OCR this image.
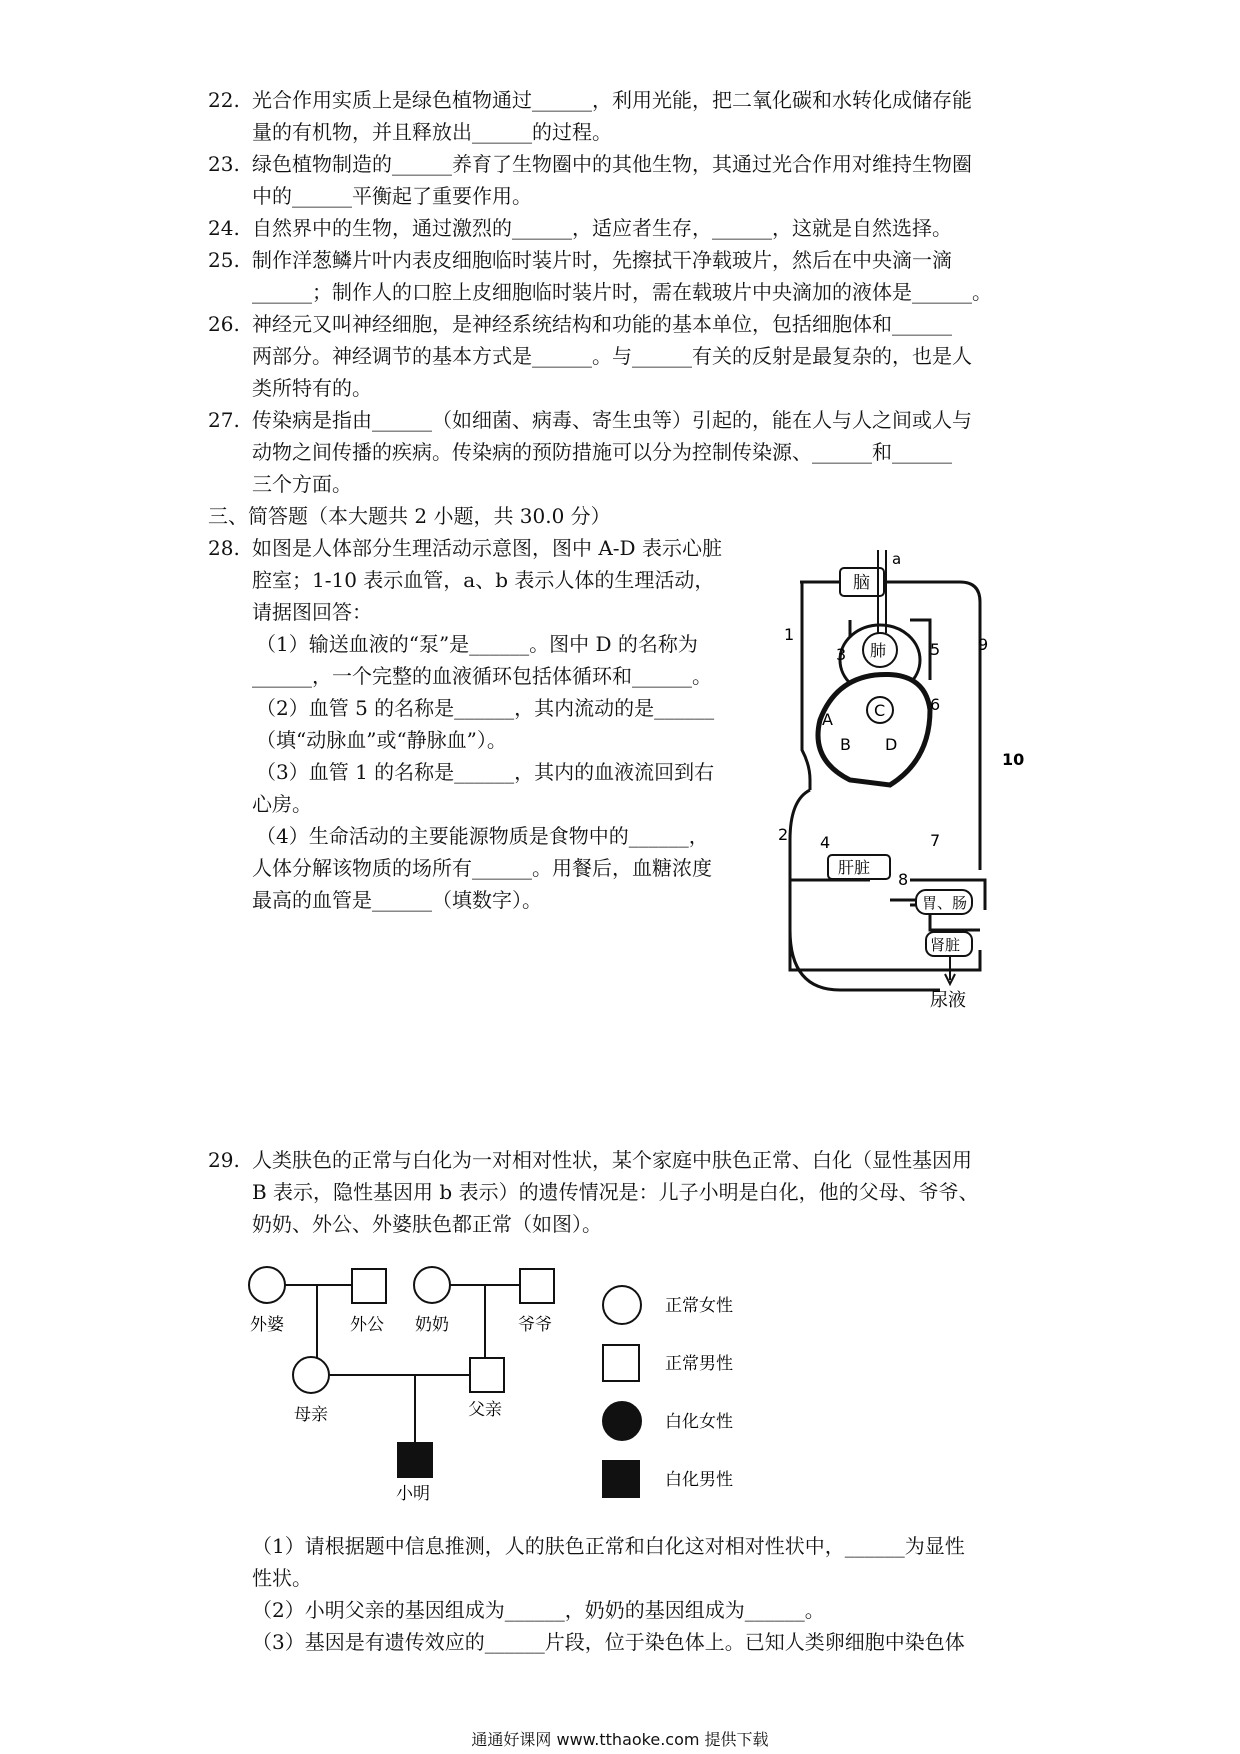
22. 光合作用实质上是绿色植物通过______，利用光能，把二氧化碳和水转化成储存能
量的有机物，并且释放出______的过程。
23. 绿色植物制造的______养育了生物圈中的其他生物，其通过光合作用对维持生物圈
中的______平衡起了重要作用。
24. 自然界中的生物，通过激烈的______，适应者生存，______，这就是自然选择。
25. 制作洋葱鳞片叶内表皮细胞临时装片时，先擦拭干净载玻片，然后在中央滴一滴
______；制作人的口腔上皮细胞临时装片时，需在载玻片中央滴加的液体是______。
26. 神经元又叫神经细胞，是神经系统结构和功能的基本单位，包括细胞体和______
两部分。神经调节的基本方式是______。与______有关的反射是最复杂的，也是人
类所特有的。
27. 传染病是指由______（如细菌、病毒、寄生虫等）引起的，能在人与人之间或人与
动物之间传播的疾病。传染病的预防措施可以分为控制传染源、______和______
三个方面。
三、简答题（本大题共 2 小题，共 30.0 分）
28. 如图是人体部分生理活动示意图，图中 A-D 表示心脏
腔室；1-10 表示血管，a、b 表示人体的生理活动，
请据图回答：
（1）输送血液的“泵”是______。图中 D 的名称为
______，一个完整的血液循环包括体循环和______。
（2）血管 5 的名称是______，其内流动的是______
（填“动脉血”或“静脉血”）。
（3）血管 1 的名称是______，其内的血液流回到右
心房。
（4）生命活动的主要能源物质是食物中的______，
人体分解该物质的场所有______。用餐后，血糖浓度
最高的血管是______（填数字）。
脑
肺
a
A
B
C
D
1
2
3
4
5
6
7
8
9
10
肝脏
胃、肠
肾脏
尿液
29. 人类肤色的正常与白化为一对相对性状，某个家庭中肤色正常、白化（显性基因用
B 表示，隐性基因用 b 表示）的遗传情况是：儿子小明是白化，他的父母、爷爷、
奶奶、外公、外婆肤色都正常（如图）。
外婆	外公 奶奶	爷爷
母亲	父亲
小明
正常女性
正常男性
白化女性
白化男性
（1）请根据题中信息推测，人的肤色正常和白化这对相对性状中，______为显性
性状。
（2）小明父亲的基因组成为______，奶奶的基因组成为______。
（3）基因是有遗传效应的______片段，位于染色体上。已知人类卵细胞中染色体
通通好课网 www.tthaoke.com 提供下载
